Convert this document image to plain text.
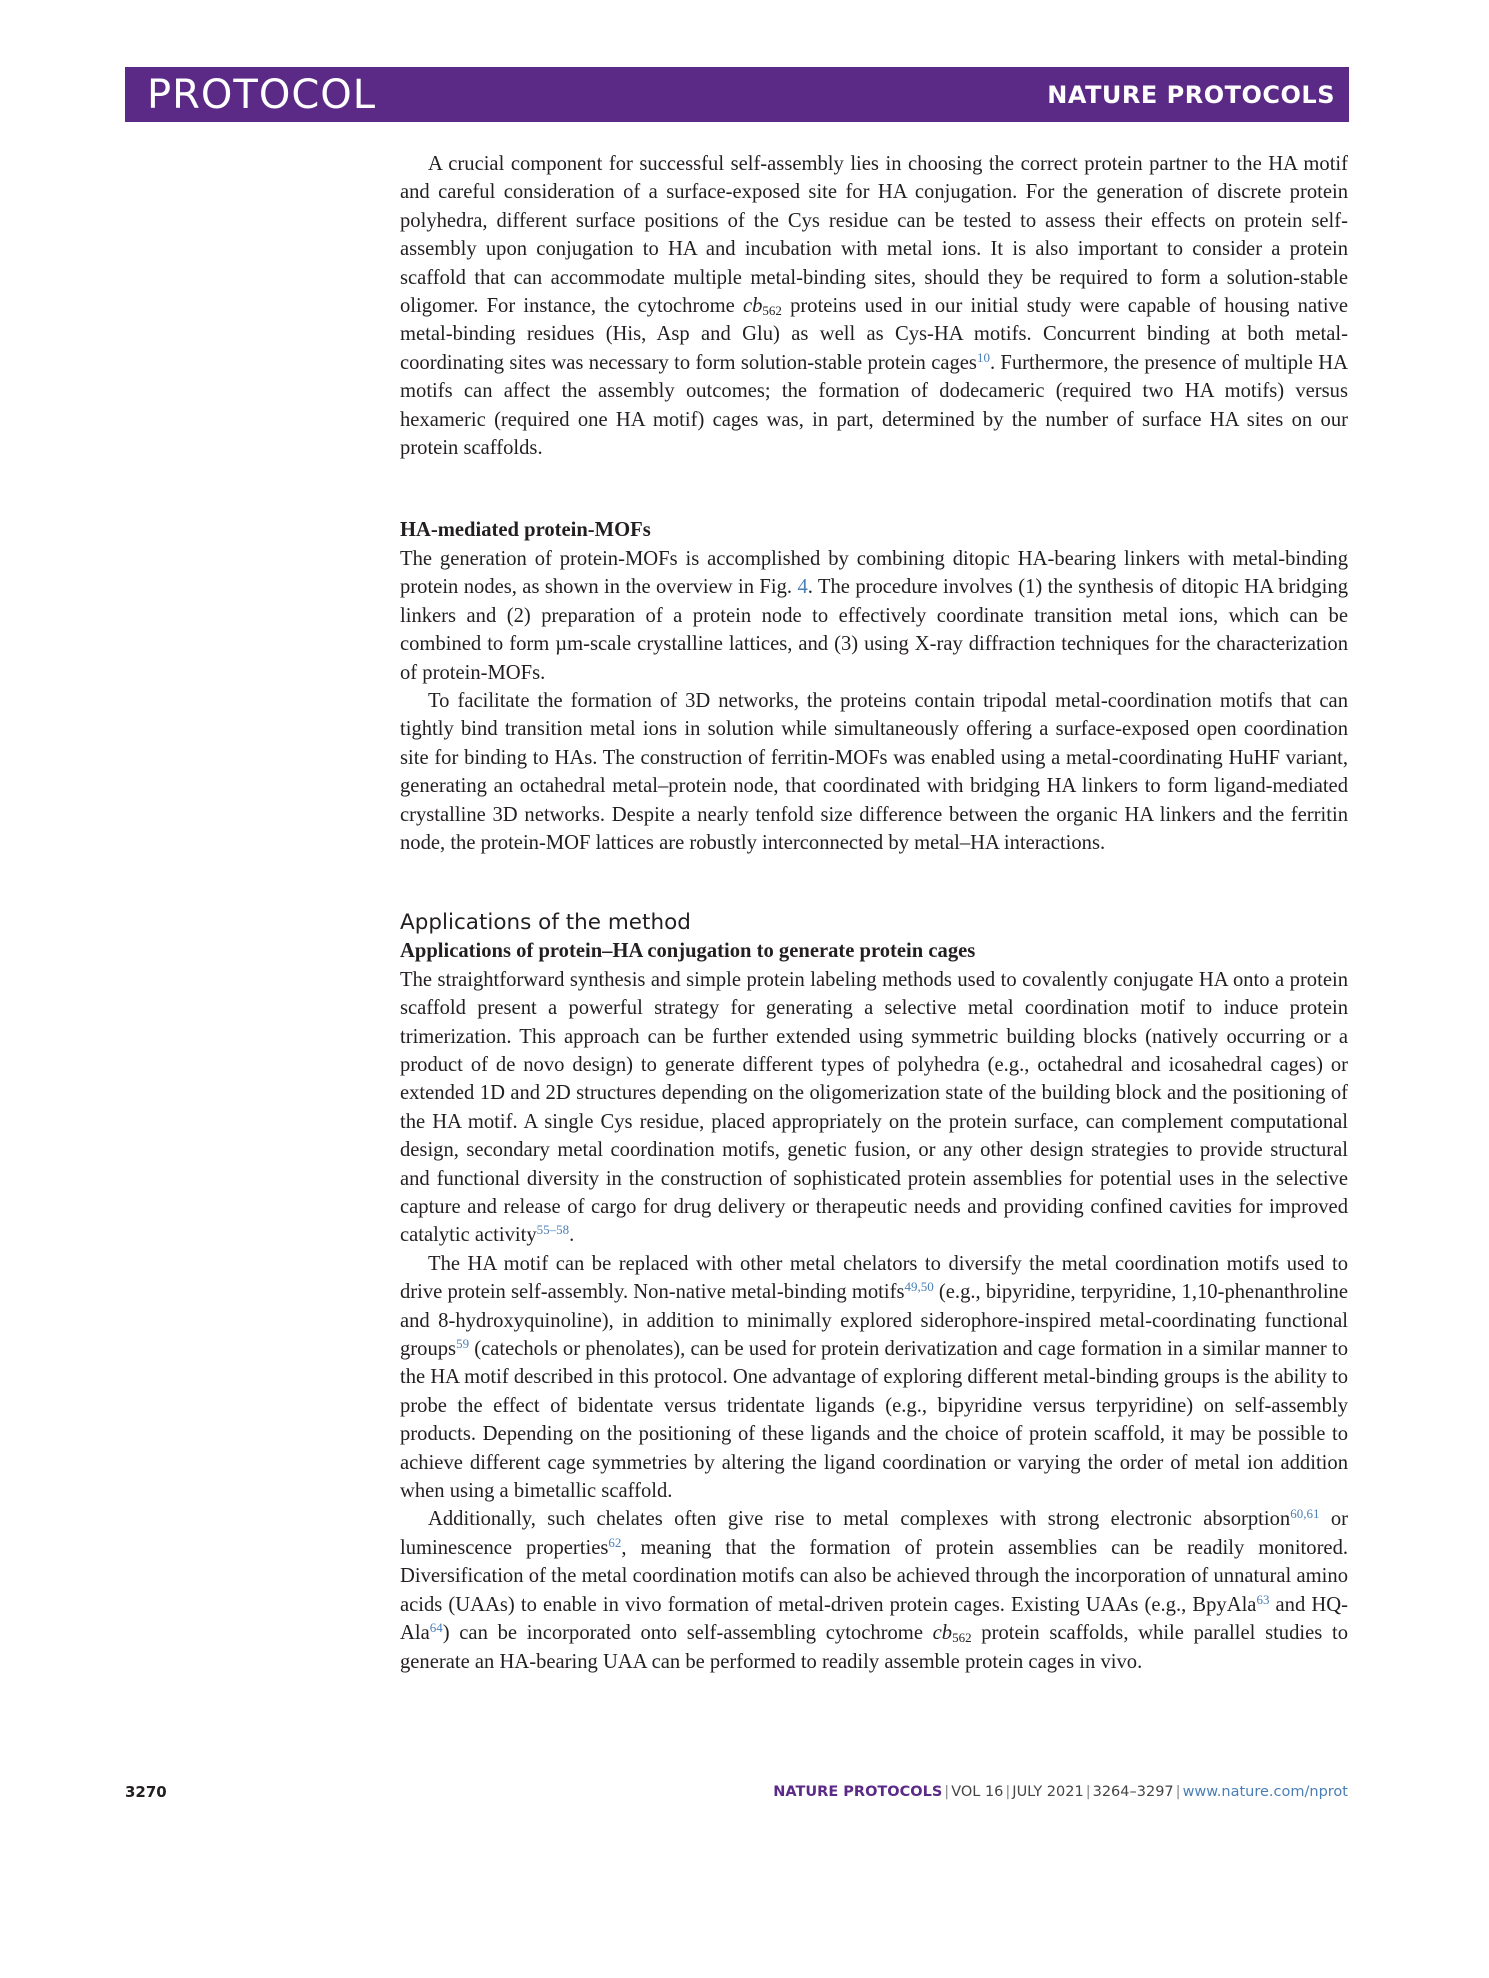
PROTOCOL	NATURE PROTOCOLS

A crucial component for successful self-assembly lies in choosing the correct protein partner to the HA motif and careful consideration of a surface-exposed site for HA conjugation. For the generation of discrete protein polyhedra, different surface positions of the Cys residue can be tested to assess their effects on protein self-assembly upon conjugation to HA and incubation with metal ions. It is also important to consider a protein scaffold that can accommodate multiple metal-binding sites, should they be required to form a solution-stable oligomer. For instance, the cytochrome $cb_{562}$ proteins used in our initial study were capable of housing native metal-binding residues (His, Asp and Glu) as well as Cys-HA motifs. Concurrent binding at both metal-coordinating sites was necessary to form solution-stable protein cages$^{10}$. Furthermore, the presence of multiple HA motifs can affect the assembly outcomes; the formation of dodecameric (required two HA motifs) versus hexameric (required one HA motif) cages was, in part, determined by the number of surface HA sites on our protein scaffolds.

HA-mediated protein-MOFs

The generation of protein-MOFs is accomplished by combining ditopic HA-bearing linkers with metal-binding protein nodes, as shown in the overview in Fig. 4. The procedure involves (1) the synthesis of ditopic HA bridging linkers and (2) preparation of a protein node to effectively coordinate transition metal ions, which can be combined to form µm-scale crystalline lattices, and (3) using X-ray diffraction techniques for the characterization of protein-MOFs.

To facilitate the formation of 3D networks, the proteins contain tripodal metal-coordination motifs that can tightly bind transition metal ions in solution while simultaneously offering a surface-exposed open coordination site for binding to HAs. The construction of ferritin-MOFs was enabled using a metal-coordinating HuHF variant, generating an octahedral metal–protein node, that coordinated with bridging HA linkers to form ligand-mediated crystalline 3D networks. Despite a nearly tenfold size difference between the organic HA linkers and the ferritin node, the protein-MOF lattices are robustly interconnected by metal–HA interactions.

Applications of the method

Applications of protein–HA conjugation to generate protein cages

The straightforward synthesis and simple protein labeling methods used to covalently conjugate HA onto a protein scaffold present a powerful strategy for generating a selective metal coordination motif to induce protein trimerization. This approach can be further extended using symmetric building blocks (natively occurring or a product of de novo design) to generate different types of polyhedra (e.g., octahedral and icosahedral cages) or extended 1D and 2D structures depending on the oligomerization state of the building block and the positioning of the HA motif. A single Cys residue, placed appropriately on the protein surface, can complement computational design, secondary metal coordination motifs, genetic fusion, or any other design strategies to provide structural and functional diversity in the construction of sophisticated protein assemblies for potential uses in the selective capture and release of cargo for drug delivery or therapeutic needs and providing confined cavities for improved catalytic activity$^{55-58}$.

The HA motif can be replaced with other metal chelators to diversify the metal coordination motifs used to drive protein self-assembly. Non-native metal-binding motifs$^{49,50}$ (e.g., bipyridine, terpyridine, 1,10-phenanthroline and 8-hydroxyquinoline), in addition to minimally explored siderophore-inspired metal-coordinating functional groups$^{59}$ (catechols or phenolates), can be used for protein derivatization and cage formation in a similar manner to the HA motif described in this protocol. One advantage of exploring different metal-binding groups is the ability to probe the effect of bidentate versus tridentate ligands (e.g., bipyridine versus terpyridine) on self-assembly products. Depending on the positioning of these ligands and the choice of protein scaffold, it may be possible to achieve different cage symmetries by altering the ligand coordination or varying the order of metal ion addition when using a bimetallic scaffold.

Additionally, such chelates often give rise to metal complexes with strong electronic absorption$^{60,61}$ or luminescence properties$^{62}$, meaning that the formation of protein assemblies can be readily monitored. Diversification of the metal coordination motifs can also be achieved through the incorporation of unnatural amino acids (UAAs) to enable in vivo formation of metal-driven protein cages. Existing UAAs (e.g., BpyAla$^{63}$ and HQ-Ala$^{64}$) can be incorporated onto self-assembling cytochrome $cb_{562}$ protein scaffolds, while parallel studies to generate an HA-bearing UAA can be performed to readily assemble protein cages in vivo.

3270	NATURE PROTOCOLS | VOL 16 | JULY 2021 | 3264–3297 | www.nature.com/nprot
